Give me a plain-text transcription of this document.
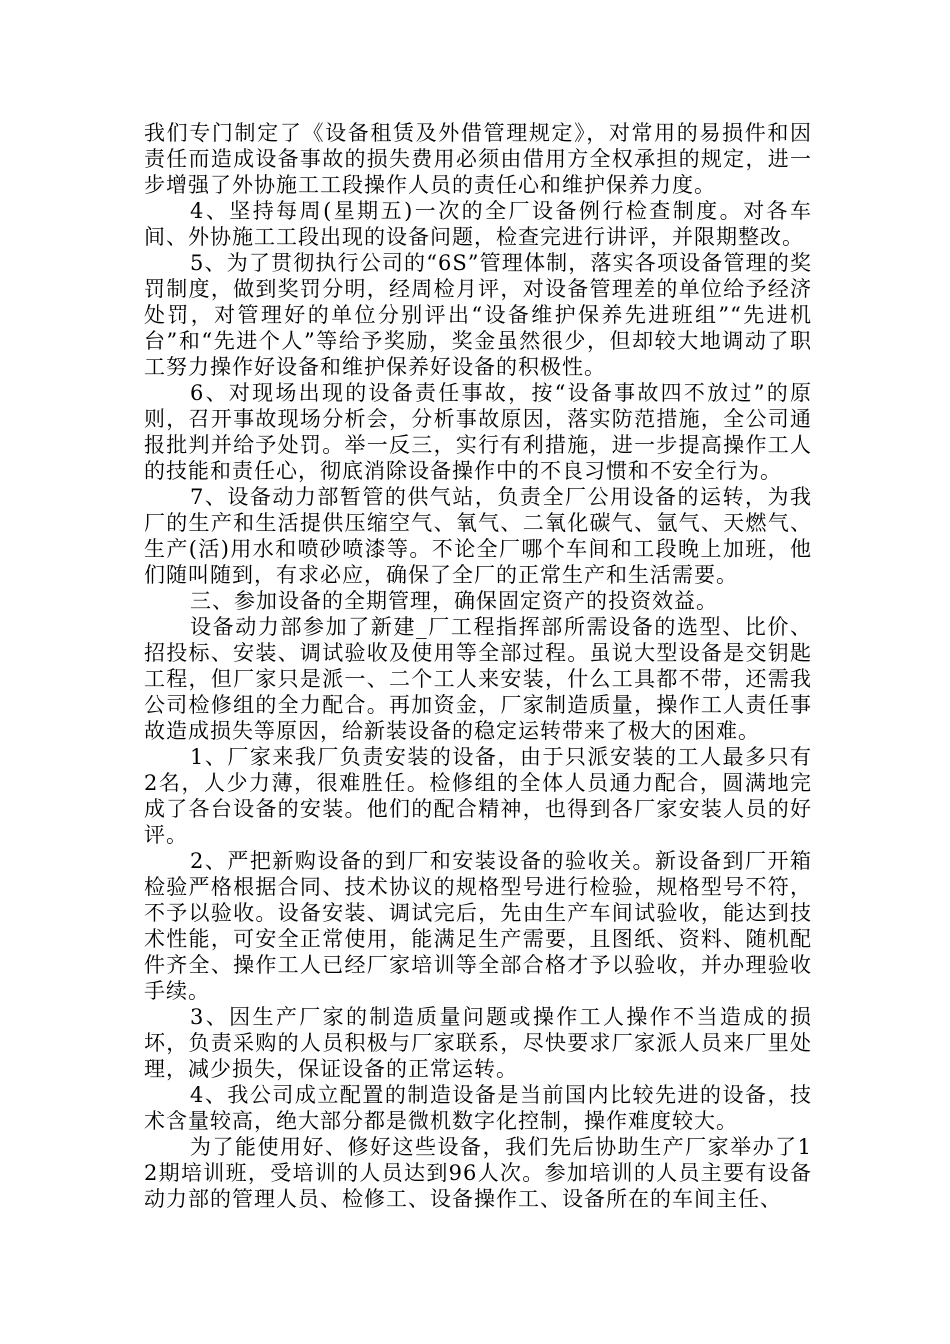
我们专门制定了《设备租赁及外借管理规定》，对常用的易损件和因责任而造成设备事故的损失费用必须由借用方全权承担的规定，进一步增强了外协施工工段操作人员的责任心和维护保养力度。

4、坚持每周(星期五)一次的全厂设备例行检查制度。对各车间、外协施工工段出现的设备问题，检查完进行讲评，并限期整改。

5、为了贯彻执行公司的“6S”管理体制，落实各项设备管理的奖罚制度，做到奖罚分明，经周检月评，对设备管理差的单位给予经济处罚，对管理好的单位分别评出“设备维护保养先进班组”“先进机台”和“先进个人”等给予奖励，奖金虽然很少，但却较大地调动了职工努力操作好设备和维护保养好设备的积极性。

6、对现场出现的设备责任事故，按“设备事故四不放过”的原则，召开事故现场分析会，分析事故原因，落实防范措施，全公司通报批判并给予处罚。举一反三，实行有利措施，进一步提高操作工人的技能和责任心，彻底消除设备操作中的不良习惯和不安全行为。

7、设备动力部暂管的供气站，负责全厂公用设备的运转，为我厂的生产和生活提供压缩空气、氧气、二氧化碳气、氩气、天燃气、生产(活)用水和喷砂喷漆等。不论全厂哪个车间和工段晚上加班，他们随叫随到，有求必应，确保了全厂的正常生产和生活需要。

三、参加设备的全期管理，确保固定资产的投资效益。

设备动力部参加了新建_厂工程指挥部所需设备的选型、比价、招投标、安装、调试验收及使用等全部过程。虽说大型设备是交钥匙工程，但厂家只是派一、二个工人来安装，什么工具都不带，还需我公司检修组的全力配合。再加资金，厂家制造质量，操作工人责任事故造成损失等原因，给新装设备的稳定运转带来了极大的困难。

1、厂家来我厂负责安装的设备，由于只派安装的工人最多只有2名，人少力薄，很难胜任。检修组的全体人员通力配合，圆满地完成了各台设备的安装。他们的配合精神，也得到各厂家安装人员的好评。

2、严把新购设备的到厂和安装设备的验收关。新设备到厂开箱检验严格根据合同、技术协议的规格型号进行检验，规格型号不符，不予以验收。设备安装、调试完后，先由生产车间试验收，能达到技术性能，可安全正常使用，能满足生产需要，且图纸、资料、随机配件齐全、操作工人已经厂家培训等全部合格才予以验收，并办理验收手续。

3、因生产厂家的制造质量问题或操作工人操作不当造成的损坏，负责采购的人员积极与厂家联系，尽快要求厂家派人员来厂里处理，减少损失，保证设备的正常运转。

4、我公司成立配置的制造设备是当前国内比较先进的设备，技术含量较高，绝大部分都是微机数字化控制，操作难度较大。

为了能使用好、修好这些设备，我们先后协助生产厂家举办了12期培训班，受培训的人员达到96人次。参加培训的人员主要有设备动力部的管理人员、检修工、设备操作工、设备所在的车间主任、
